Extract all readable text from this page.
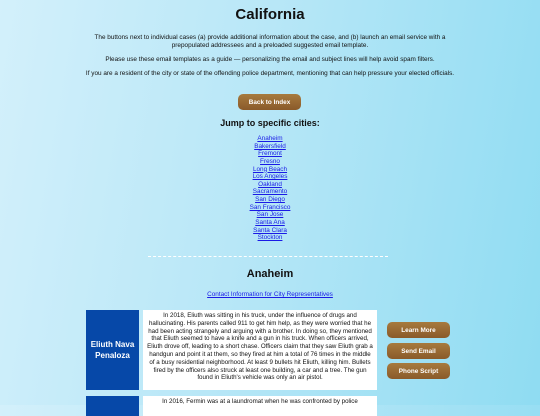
California
The buttons next to individual cases (a) provide additional information about the case, and (b) launch an email service with a prepopulated addressees and a preloaded suggested email template.
Please use these email templates as a guide — personalizing the email and subject lines will help avoid spam filters.
If you are a resident of the city or state of the offending police department, mentioning that can help pressure your elected officials.
Back to Index
Jump to specific cities:
Anaheim
Bakersfield
Fremont
Fresno
Long Beach
Los Angeles
Oakland
Sacramento
San Diego
San Francisco
San Jose
Santa Ana
Santa Clara
Stockton
Anaheim
Contact Information for City Representatives
Eliuth Nava Penaloza
In 2018, Eliuth was sitting in his truck, under the influence of drugs and hallucinating. His parents called 911 to get him help, as they were worried that he had been acting strangely and arguing with a brother. In doing so, they mentioned that Eliuth seemed to have a knife and a gun in his truck. When officers arrived, Eliuth drove off, leading to a short chase. Officers claim that they saw Eliuth grab a handgun and point it at them, so they fired at him a total of 76 times in the middle of a busy residential neighborhood. At least 9 bullets hit Eliuth, killing him. Bullets fired by the officers also struck at least one building, a car and a tree. The gun found in Eliuth's vehicle was only an air pistol.
Learn More
Send Email
Phone Script
In 2016, Fermin was at a laundromat when he was confronted by police
